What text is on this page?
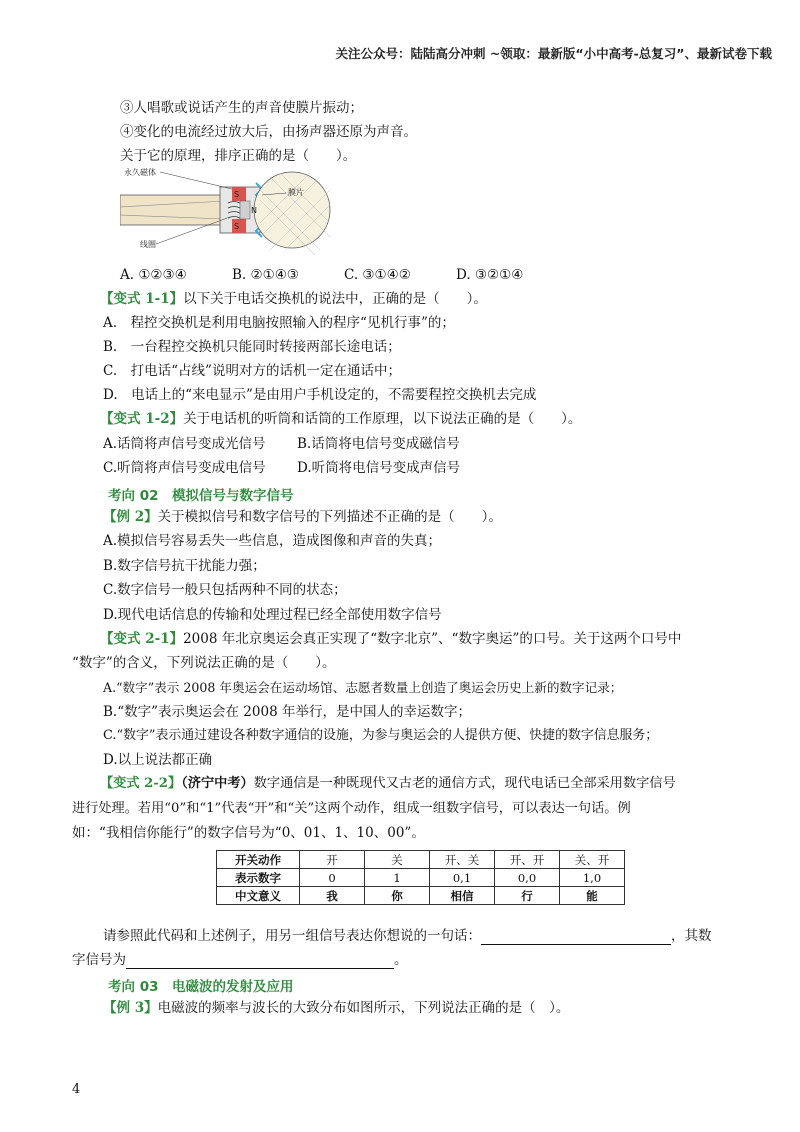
关注公众号：陆陆高分冲刺 ~领取：最新版“小中高考-总复习”、最新试卷下载
③人唱歌或说话产生的声音使膜片振动；
④变化的电流经过放大后，由扬声器还原为声音。
关于它的原理，排序正确的是（　　）。
永久磁体
线圈
膜片
S
S
N
A. ①②③④	B. ②①④③	C. ③①④②	D. ③②①④
【变式 1-1】以下关于电话交换机的说法中，正确的是（　　）。
A.　程控交换机是利用电脑按照输入的程序“见机行事”的；
B.　一台程控交换机只能同时转接两部长途电话；
C.　打电话“占线”说明对方的话机一定在通话中；
D.　电话上的“来电显示”是由用户手机设定的，不需要程控交换机去完成
【变式 1-2】关于电话机的听筒和话筒的工作原理，以下说法正确的是（　　）。
A.话筒将声信号变成光信号 B.话筒将电信号变成磁信号
C.听筒将声信号变成电信号 D.听筒将电信号变成声信号
考向 02　模拟信号与数字信号
【例 2】关于模拟信号和数字信号的下列描述不正确的是（　　）。
A.模拟信号容易丢失一些信息，造成图像和声音的失真；
B.数字信号抗干扰能力强；
C.数字信号一般只包括两种不同的状态；
D.现代电话信息的传输和处理过程已经全部使用数字信号
【变式 2-1】2008 年北京奥运会真正实现了“数字北京”、“数字奥运”的口号。关于这两个口号中
“数字”的含义，下列说法正确的是（　　）。
A.“数字”表示 2008 年奥运会在运动场馆、志愿者数量上创造了奥运会历史上新的数字记录；
B.“数字”表示奥运会在 2008 年举行，是中国人的幸运数字；
C.“数字”表示通过建设各种数字通信的设施，为参与奥运会的人提供方便、快捷的数字信息服务；
D.以上说法都正确
【变式 2-2】（济宁中考）数字通信是一种既现代又古老的通信方式，现代电话已全部采用数字信号
进行处理。若用“0”和“1”代表“开”和“关”这两个动作，组成一组数字信号，可以表达一句话。例
如：“我相信你能行”的数字信号为“0、01、1、10、00”。
开关动作	开	关	开、关	开、开	关、开
表示数字	0	1	0,1	0,0	1,0
中文意义	我	你	相信	行	能
请参照此代码和上述例子，用另一组信号表达你想说的一句话：	，其数
字信号为	。
考向 03　电磁波的发射及应用
【例 3】电磁波的频率与波长的大致分布如图所示，下列说法正确的是（　）。
4
